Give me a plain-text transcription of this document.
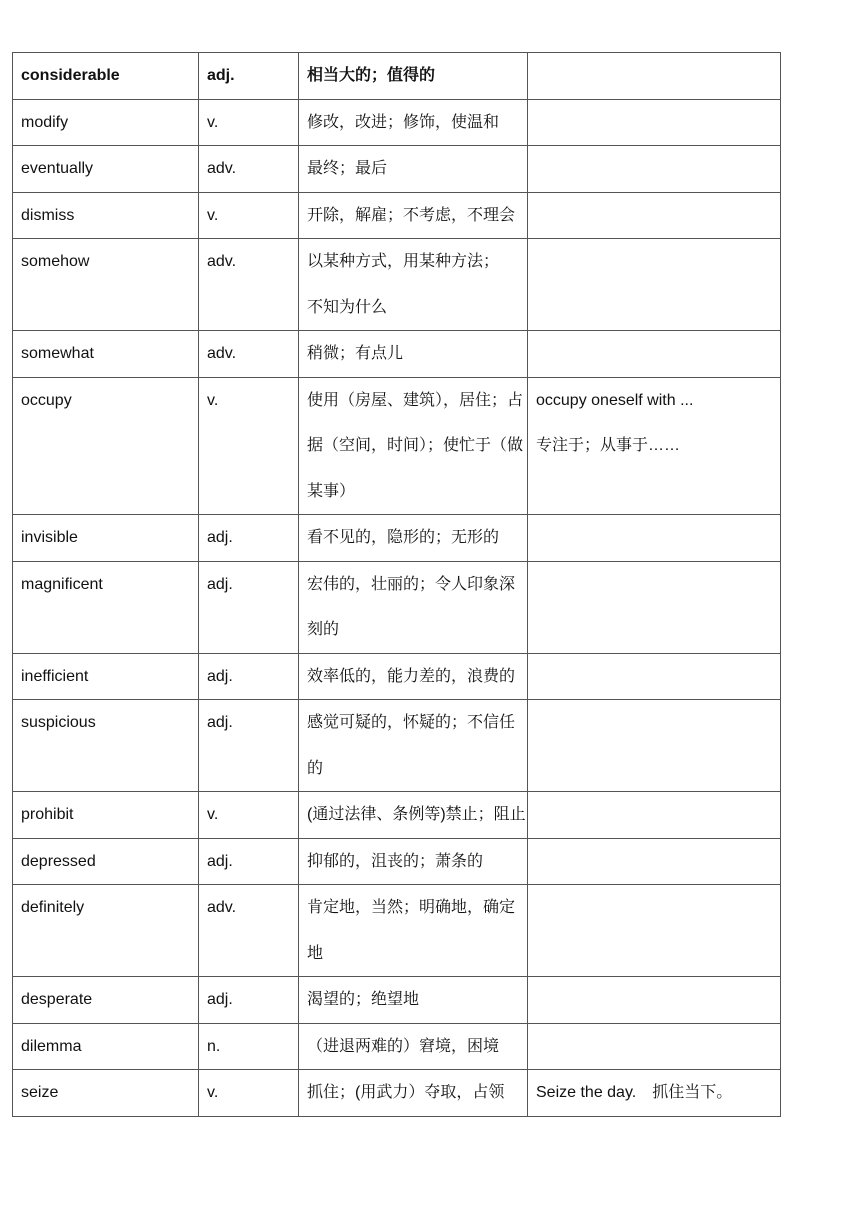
considerable	adj.	相当大的；值得的	

modify	v.	修改，改进；修饰，使温和	

eventually	adv.	最终；最后	

dismiss	v.	开除，解雇；不考虑，不理会	

somehow	adv.	以某种方式，用某种方法；
不知为什么	

somewhat	adv.	稍微；有点儿	

occupy	v.	使用（房屋、建筑），居住；占
据（空间，时间）；使忙于（做
某事）	occupy oneself with ...
专注于；从事于……

invisible	adj.	看不见的，隐形的；无形的	

magnificent	adj.	宏伟的，壮丽的；令人印象深
刻的	

inefficient	adj.	效率低的，能力差的，浪费的	

suspicious	adj.	感觉可疑的，怀疑的；不信任
的	

prohibit	v.	(通过法律、条例等)禁止；阻止	

depressed	adj.	抑郁的，沮丧的；萧条的	

definitely	adv.	肯定地，当然；明确地，确定
地	

desperate	adj.	渴望的；绝望地	

dilemma	n.	（进退两难的）窘境，困境	

seize	v.	抓住；(用武力）夺取，占领	Seize the day.　抓住当下。
